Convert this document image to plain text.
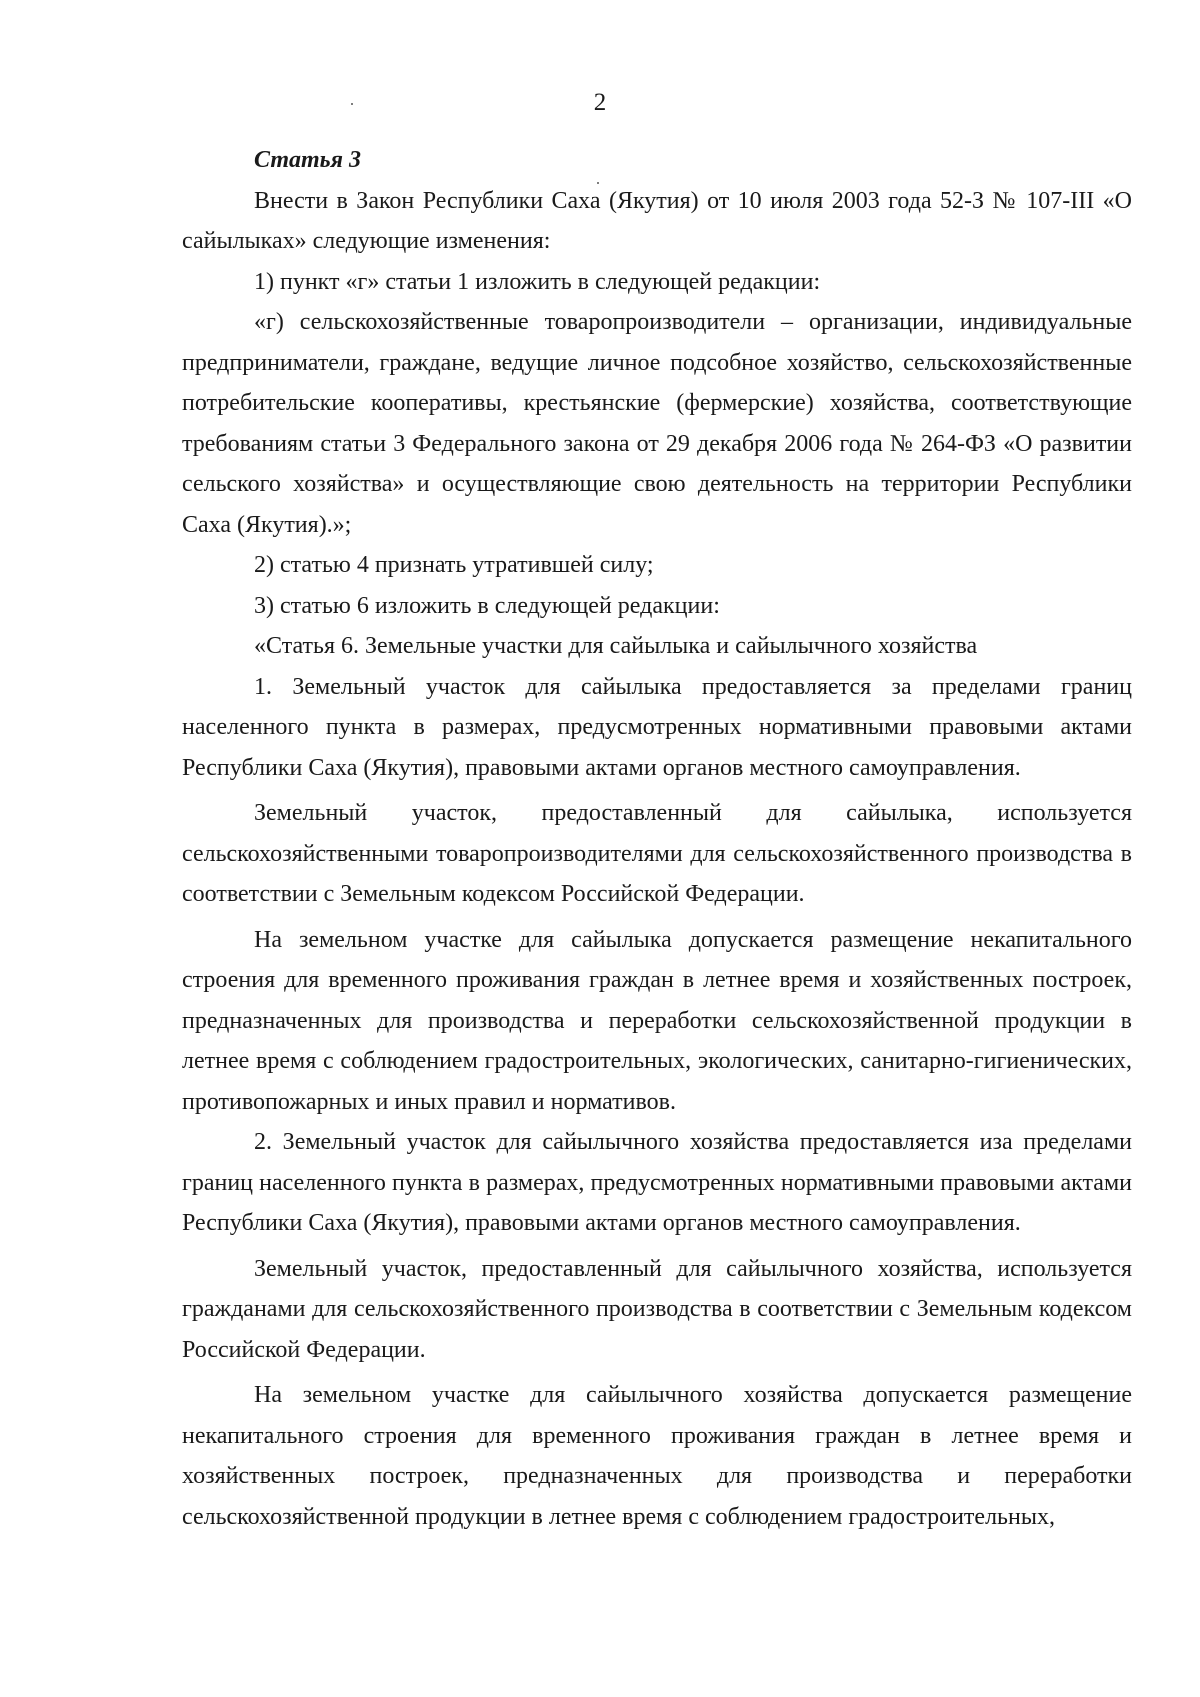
2

Статья 3

Внести в Закон Республики Саха (Якутия) от 10 июля 2003 года 52-З № 107-III «О сайылыках» следующие изменения:

1) пункт «г» статьи 1 изложить в следующей редакции:

«г) сельскохозяйственные товаропроизводители – организации, индивидуальные предприниматели, граждане, ведущие личное подсобное хозяйство, сельскохозяйственные потребительские кооперативы, крестьянские (фермерские) хозяйства, соответствующие требованиям статьи 3 Федерального закона от 29 декабря 2006 года № 264-ФЗ «О развитии сельского хозяйства» и осуществляющие свою деятельность на территории Республики Саха (Якутия).»;

2) статью 4 признать утратившей силу;

3) статью 6 изложить в следующей редакции:

«Статья 6. Земельные участки для сайылыка и сайылычного хозяйства

1. Земельный участок для сайылыка предоставляется за пределами границ населенного пункта в размерах, предусмотренных нормативными правовыми актами Республики Саха (Якутия), правовыми актами органов местного самоуправления.

Земельный участок, предоставленный для сайылыка, используется сельскохозяйственными товаропроизводителями для сельскохозяйственного производства в соответствии с Земельным кодексом Российской Федерации.

На земельном участке для сайылыка допускается размещение некапитального строения для временного проживания граждан в летнее время и хозяйственных построек, предназначенных для производства и переработки сельскохозяйственной продукции в летнее время с соблюдением градостроительных, экологических, санитарно-гигиенических, противопожарных и иных правил и нормативов.

2. Земельный участок для сайылычного хозяйства предоставляется иза пределами границ населенного пункта в размерах, предусмотренных нормативными правовыми актами Республики Саха (Якутия), правовыми актами органов местного самоуправления.

Земельный участок, предоставленный для сайылычного хозяйства, используется гражданами для сельскохозяйственного производства в соответствии с Земельным кодексом Российской Федерации.

На земельном участке для сайылычного хозяйства допускается размещение некапитального строения для временного проживания граждан в летнее время и хозяйственных построек, предназначенных для производства и переработки сельскохозяйственной продукции в летнее время с соблюдением градостроительных,
